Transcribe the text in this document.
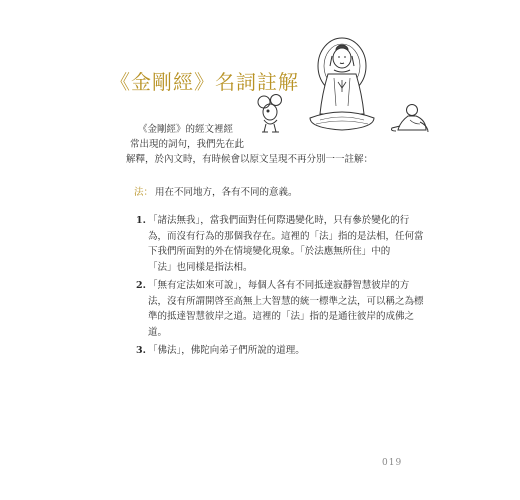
《金剛經》名詞註解
《金剛經》的經文裡經
常出現的詞句，我們先在此
解釋，於內文時，有時候會以原文呈現不再分別一一註解：
法： 用在不同地方，各有不同的意義。
1. 「諸法無我」，當我們面對任何際遇變化時，只有參於變化的行
為，而沒有行為的那個我存在。這裡的「法」指的是法相，任何當
下我們所面對的外在情境變化現象。「於法應無所住」中的
「法」也同樣是指法相。
2. 「無有定法如來可說」，每個人各有不同抵達寂靜智慧彼岸的方
法，沒有所謂開啓至高無上大智慧的統一標準之法，可以稱之為標
準的抵達智慧彼岸之道。這裡的「法」指的是通往彼岸的成佛之
道。
3. 「佛法」，佛陀向弟子們所說的道理。
019
